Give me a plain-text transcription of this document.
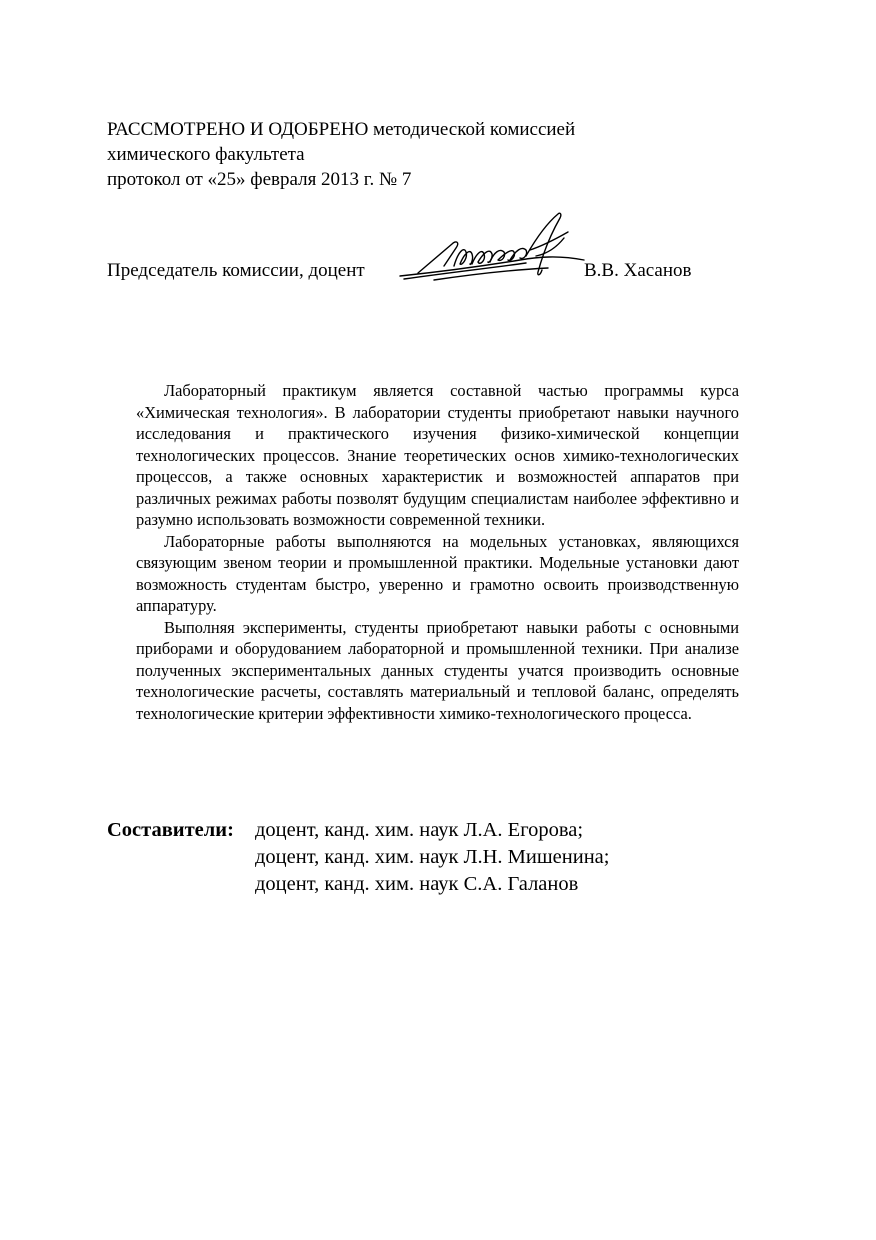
РАССМОТРЕНО И ОДОБРЕНО методической комиссией
химического факультета
протокол от «25» февраля 2013 г. № 7
Председатель комиссии, доцент	В.В. Хасанов

Лабораторный практикум является составной частью программы курса «Химическая технология». В лаборатории студенты приобретают навыки научного исследования и практического изучения физико-химической концепции технологических процессов. Знание теоретических основ химико-технологических процессов, а также основных характеристик и возможностей аппаратов при различных режимах работы позволят будущим специалистам наиболее эффективно и разумно использовать возможности современной техники.

Лабораторные работы выполняются на модельных установках, являющихся связующим звеном теории и промышленной практики. Модельные установки дают возможность студентам быстро, уверенно и грамотно освоить производственную аппаратуру.

Выполняя эксперименты, студенты приобретают навыки работы с основными приборами и оборудованием лабораторной и промышленной техники. При анализе полученных экспериментальных данных студенты учатся производить основные технологические расчеты, составлять материальный и тепловой баланс, определять технологические критерии эффективности химико-технологического процесса.

Составители: доцент, канд. хим. наук Л.А. Егорова;
доцент, канд. хим. наук Л.Н. Мишенина;
доцент, канд. хим. наук С.А. Галанов
